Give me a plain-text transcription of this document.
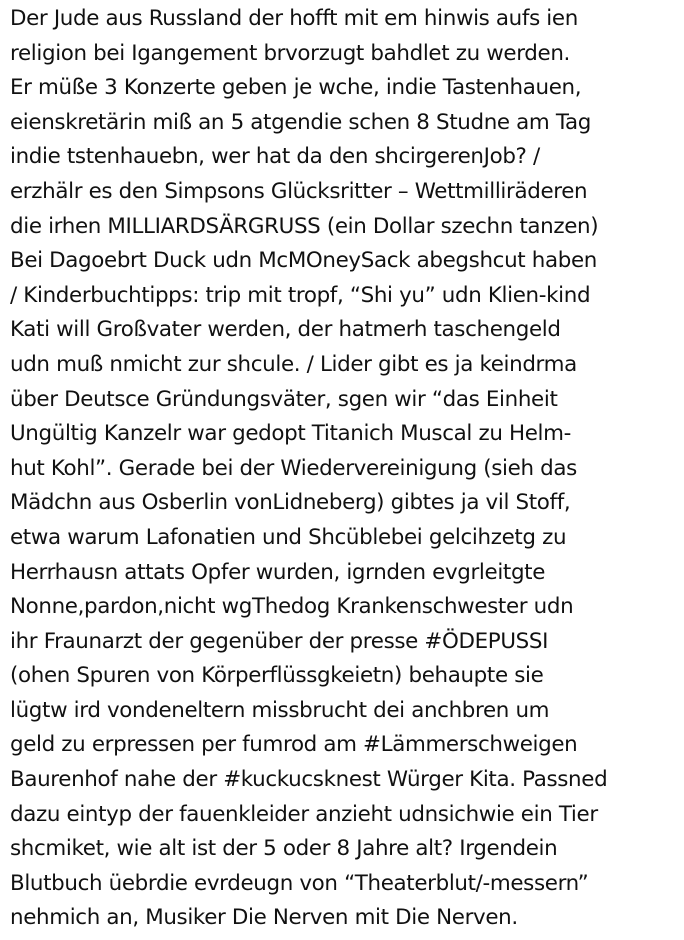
Der Jude aus Russland der hofft mit em hinwis aufs ien
religion bei Igangement brvorzugt bahdlet zu werden.
Er müße 3 Konzerte geben je wche, indie Tastenhauen,
eienskretärin miß an 5 atgendie schen 8 Studne am Tag
indie tstenhauebn, wer hat da den shcirgerenJob? /
erzhälr es den Simpsons Glücksritter – Wettmilliräderen
die irhen MILLIARDSÄRGRUSS (ein Dollar szechn tanzen)
Bei Dagoebrt Duck udn McMOneySack abegshcut haben
/ Kinderbuchtipps: trip mit tropf, “Shi yu” udn Klien-kind
Kati will Großvater werden, der hatmerh taschengeld
udn muß nmicht zur shcule. / Lider gibt es ja keindrma
über Deutsce Gründungsväter, sgen wir “das Einheit
Ungültig Kanzelr war gedopt Titanich Muscal zu Helm-
hut Kohl”. Gerade bei der Wiedervereinigung (sieh das
Mädchn aus Osberlin vonLidneberg) gibtes ja vil Stoff,
etwa warum Lafonatien und Shcüblebei gelcihzetg zu
Herrhausn attats Opfer wurden, igrnden evgrleitgte
Nonne,pardon,nicht wgThedog Krankenschwester udn
ihr Fraunarzt der gegenüber der presse #ÖDEPUSSI
(ohen Spuren von Körperflüssgkeietn) behaupte sie
lügtw ird vondeneltern missbrucht dei anchbren um
geld zu erpressen per fumrod am #Lämmerschweigen
Baurenhof nahe der #kuckucsknest Würger Kita. Passned
dazu eintyp der fauenkleider anzieht udnsichwie ein Tier
shcmiket, wie alt ist der 5 oder 8 Jahre alt? Irgendein
Blutbuch üebrdie evrdeugn von “Theaterblut/-messern”
nehmich an, Musiker Die Nerven mit Die Nerven.
